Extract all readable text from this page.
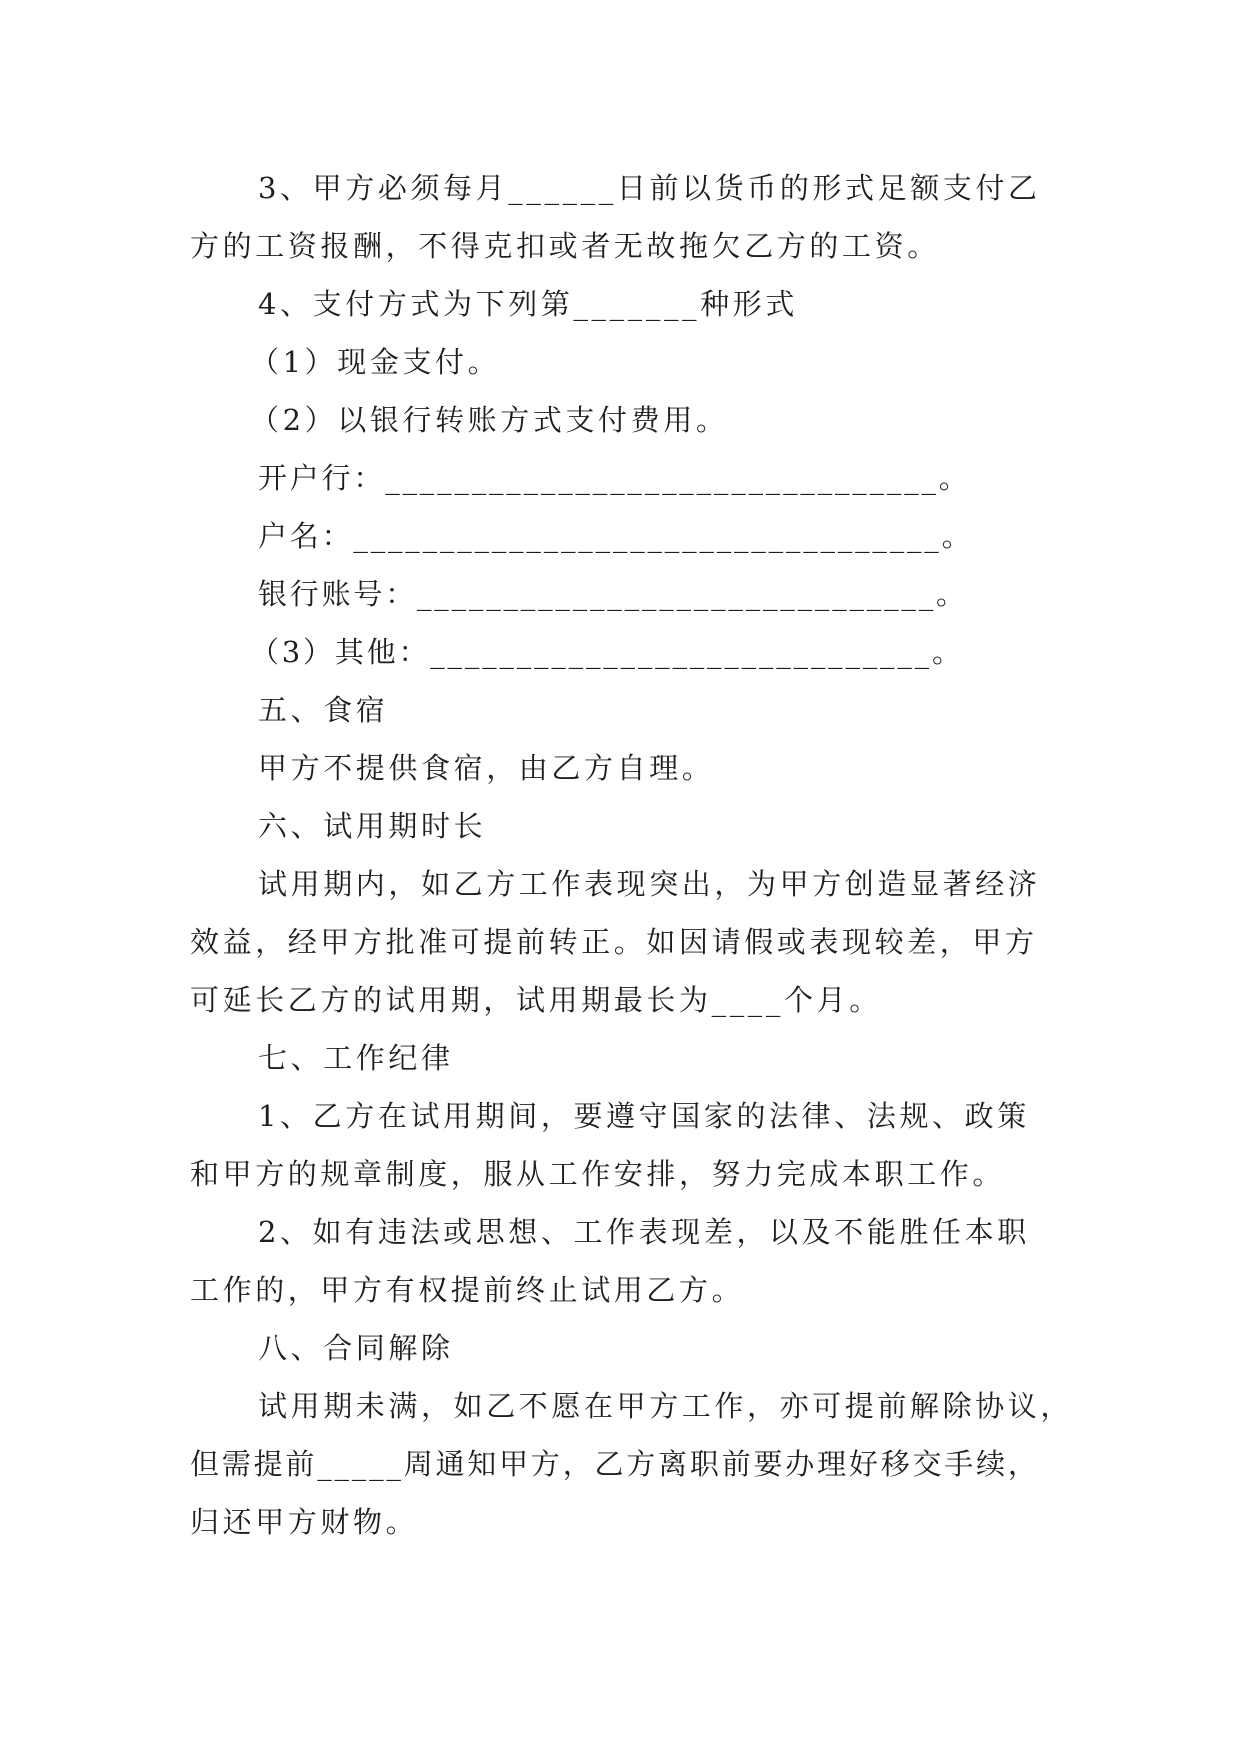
3、甲方必须每月______日前以货币的形式足额支付乙

方的工资报酬，不得克扣或者无故拖欠乙方的工资。

4、支付方式为下列第_______种形式

（1）现金支付。

（2）以银行转账方式支付费用。

开户行：________________________________。

户名：__________________________________。

银行账号：______________________________。

（3）其他：_____________________________。

五、食宿

甲方不提供食宿，由乙方自理。

六、试用期时长

试用期内，如乙方工作表现突出，为甲方创造显著经济

效益，经甲方批准可提前转正。如因请假或表现较差，甲方

可延长乙方的试用期，试用期最长为____个月。

七、工作纪律

1、乙方在试用期间，要遵守国家的法律、法规、政策

和甲方的规章制度，服从工作安排，努力完成本职工作。

2、如有违法或思想、工作表现差，以及不能胜任本职

工作的，甲方有权提前终止试用乙方。

八、合同解除

试用期未满，如乙不愿在甲方工作，亦可提前解除协议，

但需提前_____周通知甲方，乙方离职前要办理好移交手续，

归还甲方财物。
